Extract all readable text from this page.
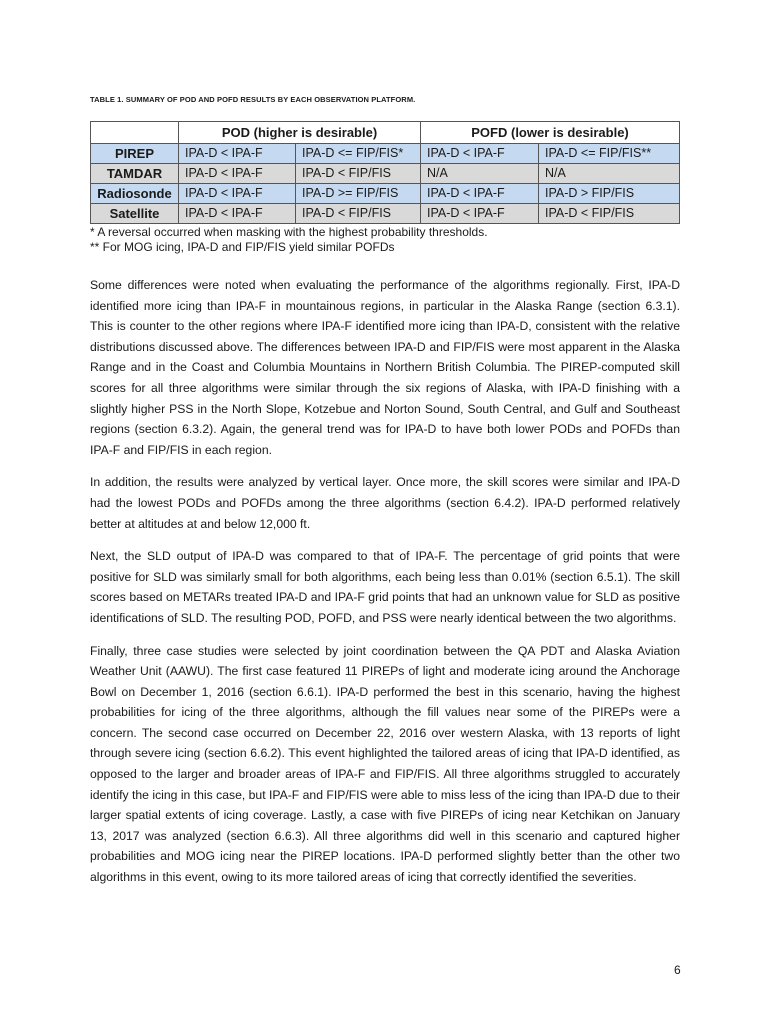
TABLE 1. SUMMARY OF POD AND POFD RESULTS BY EACH OBSERVATION PLATFORM.
	POD (higher is desirable)		POFD (lower is desirable)	
PIREP	IPA-D < IPA-F	IPA-D <= FIP/FIS*	IPA-D < IPA-F	IPA-D <= FIP/FIS**
TAMDAR	IPA-D < IPA-F	IPA-D < FIP/FIS	N/A	N/A
Radiosonde	IPA-D < IPA-F	IPA-D >= FIP/FIS	IPA-D < IPA-F	IPA-D > FIP/FIS
Satellite	IPA-D < IPA-F	IPA-D < FIP/FIS	IPA-D < IPA-F	IPA-D < FIP/FIS
* A reversal occurred when masking with the highest probability thresholds.
** For MOG icing, IPA-D and FIP/FIS yield similar POFDs

Some differences were noted when evaluating the performance of the algorithms regionally. First, IPA-D identified more icing than IPA-F in mountainous regions, in particular in the Alaska Range (section 6.3.1). This is counter to the other regions where IPA-F identified more icing than IPA-D, consistent with the relative distributions discussed above. The differences between IPA-D and FIP/FIS were most apparent in the Alaska Range and in the Coast and Columbia Mountains in Northern British Columbia. The PIREP-computed skill scores for all three algorithms were similar through the six regions of Alaska, with IPA-D finishing with a slightly higher PSS in the North Slope, Kotzebue and Norton Sound, South Central, and Gulf and Southeast regions (section 6.3.2). Again, the general trend was for IPA-D to have both lower PODs and POFDs than IPA-F and FIP/FIS in each region.

In addition, the results were analyzed by vertical layer. Once more, the skill scores were similar and IPA-D had the lowest PODs and POFDs among the three algorithms (section 6.4.2). IPA-D performed relatively better at altitudes at and below 12,000 ft.

Next, the SLD output of IPA-D was compared to that of IPA-F. The percentage of grid points that were positive for SLD was similarly small for both algorithms, each being less than 0.01% (section 6.5.1). The skill scores based on METARs treated IPA-D and IPA-F grid points that had an unknown value for SLD as positive identifications of SLD. The resulting POD, POFD, and PSS were nearly identical between the two algorithms.

Finally, three case studies were selected by joint coordination between the QA PDT and Alaska Aviation Weather Unit (AAWU). The first case featured 11 PIREPs of light and moderate icing around the Anchorage Bowl on December 1, 2016 (section 6.6.1). IPA-D performed the best in this scenario, having the highest probabilities for icing of the three algorithms, although the fill values near some of the PIREPs were a concern. The second case occurred on December 22, 2016 over western Alaska, with 13 reports of light through severe icing (section 6.6.2). This event highlighted the tailored areas of icing that IPA-D identified, as opposed to the larger and broader areas of IPA-F and FIP/FIS. All three algorithms struggled to accurately identify the icing in this case, but IPA-F and FIP/FIS were able to miss less of the icing than IPA-D due to their larger spatial extents of icing coverage. Lastly, a case with five PIREPs of icing near Ketchikan on January 13, 2017 was analyzed (section 6.6.3). All three algorithms did well in this scenario and captured higher probabilities and MOG icing near the PIREP locations. IPA-D performed slightly better than the other two algorithms in this event, owing to its more tailored areas of icing that correctly identified the severities.

6
